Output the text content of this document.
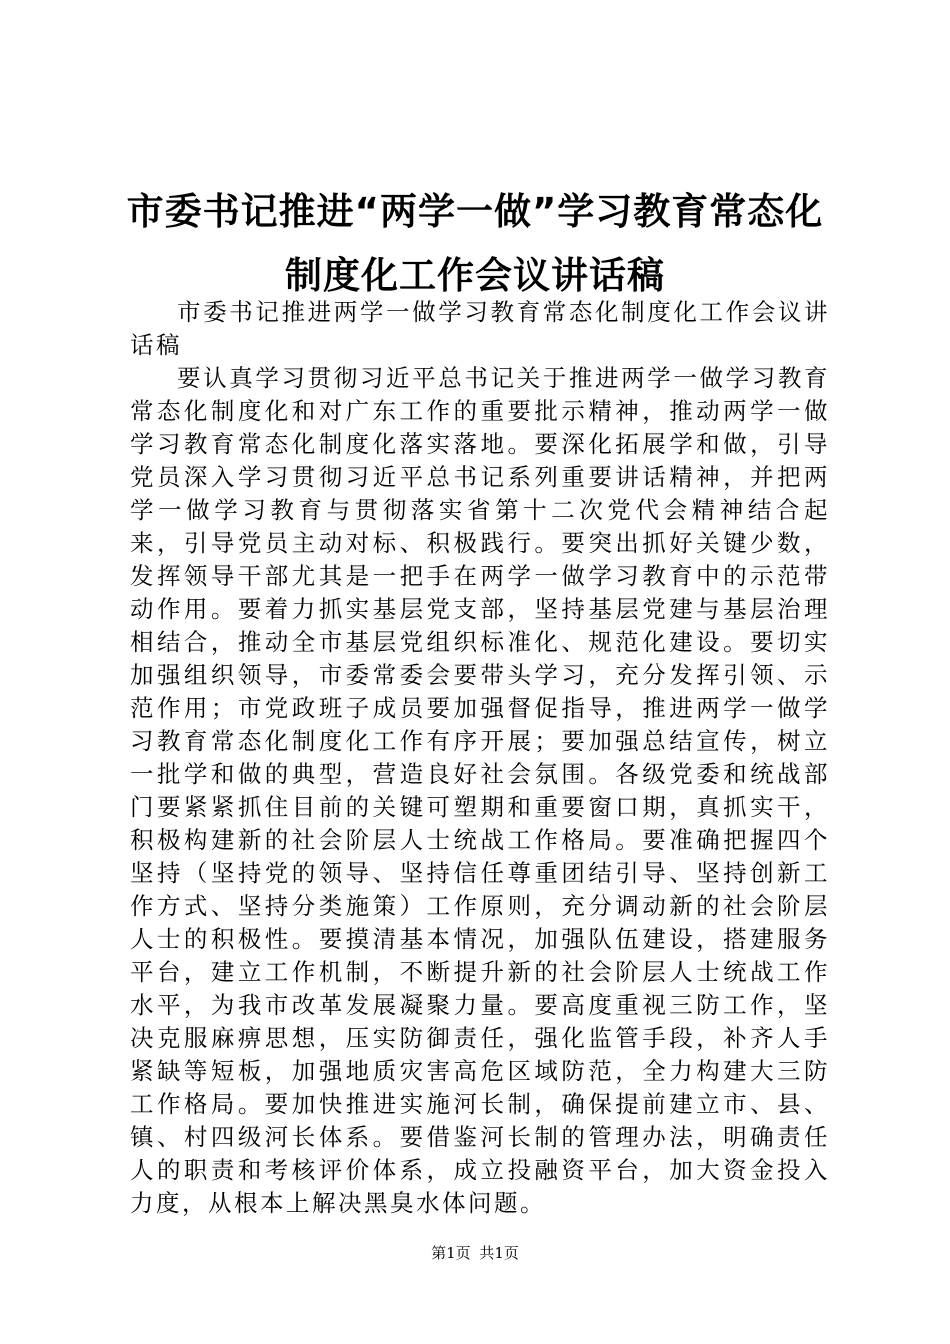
市委书记推进“两学一做”学习教育常态化制度化工作会议讲话稿

市委书记推进两学一做学习教育常态化制度化工作会议讲话稿

要认真学习贯彻习近平总书记关于推进两学一做学习教育常态化制度化和对广东工作的重要批示精神，推动两学一做学习教育常态化制度化落实落地。要深化拓展学和做，引导党员深入学习贯彻习近平总书记系列重要讲话精神，并把两学一做学习教育与贯彻落实省第十二次党代会精神结合起来，引导党员主动对标、积极践行。要突出抓好关键少数，发挥领导干部尤其是一把手在两学一做学习教育中的示范带动作用。要着力抓实基层党支部，坚持基层党建与基层治理相结合，推动全市基层党组织标准化、规范化建设。要切实加强组织领导，市委常委会要带头学习，充分发挥引领、示范作用；市党政班子成员要加强督促指导，推进两学一做学习教育常态化制度化工作有序开展；要加强总结宣传，树立一批学和做的典型，营造良好社会氛围。各级党委和统战部门要紧紧抓住目前的关键可塑期和重要窗口期，真抓实干，积极构建新的社会阶层人士统战工作格局。要准确把握四个坚持（坚持党的领导、坚持信任尊重团结引导、坚持创新工作方式、坚持分类施策）工作原则，充分调动新的社会阶层人士的积极性。要摸清基本情况，加强队伍建设，搭建服务平台，建立工作机制，不断提升新的社会阶层人士统战工作水平，为我市改革发展凝聚力量。要高度重视三防工作，坚决克服麻痹思想，压实防御责任，强化监管手段，补齐人手紧缺等短板，加强地质灾害高危区域防范，全力构建大三防工作格局。要加快推进实施河长制，确保提前建立市、县、镇、村四级河长体系。要借鉴河长制的管理办法，明确责任人的职责和考核评价体系，成立投融资平台，加大资金投入力度，从根本上解决黑臭水体问题。

第1页 共1页
